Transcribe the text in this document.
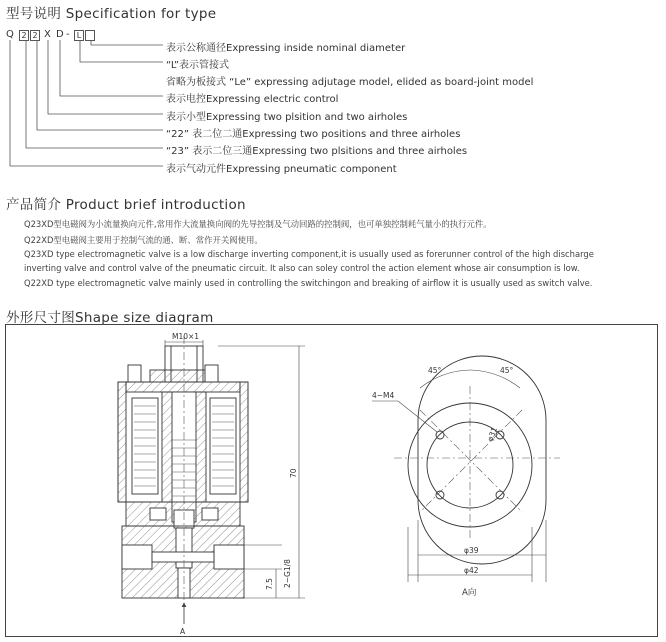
型号说明 Specification for type
Q 2 2 X D - L
表示公称通径Expressing inside nominal diameter
“L”表示管接式
省略为板接式 “Le” expressing adjutage model, elided as board-joint model
表示电控Expressing electric control
表示小型Expressing two plsition and two airholes
“22” 表二位二通Expressing two positions and three airholes
“23” 表示二位三通Expressing two plsitions and three airholes
表示气动元件Expressing pneumatic component
产品简介 Product brief introduction
Q23XD型电磁阀为小流量换向元件,常用作大流量换向阀的先导控制及气动回路的控制阀，也可单独控制耗气量小的执行元件。
Q22XD型电磁阀主要用于控制气流的通、断、常作开关阀使用。
Q23XD type electromagnetic valve is a low discharge inverting component,it is usually used as forerunner control of the high discharge
inverting valve and control valve of the pneumatic circuit. It also can soley control the action element whose air consumption is low.
Q22XD type electromagnetic valve mainly used in controlling the switchingon and breaking of airflow it is usually used as switch valve.
外形尺寸图Shape size diagram
M10×1
70
2−G1/8
7.5
A
45°	45°
4−M4
φ31
φ39
φ42
A向
